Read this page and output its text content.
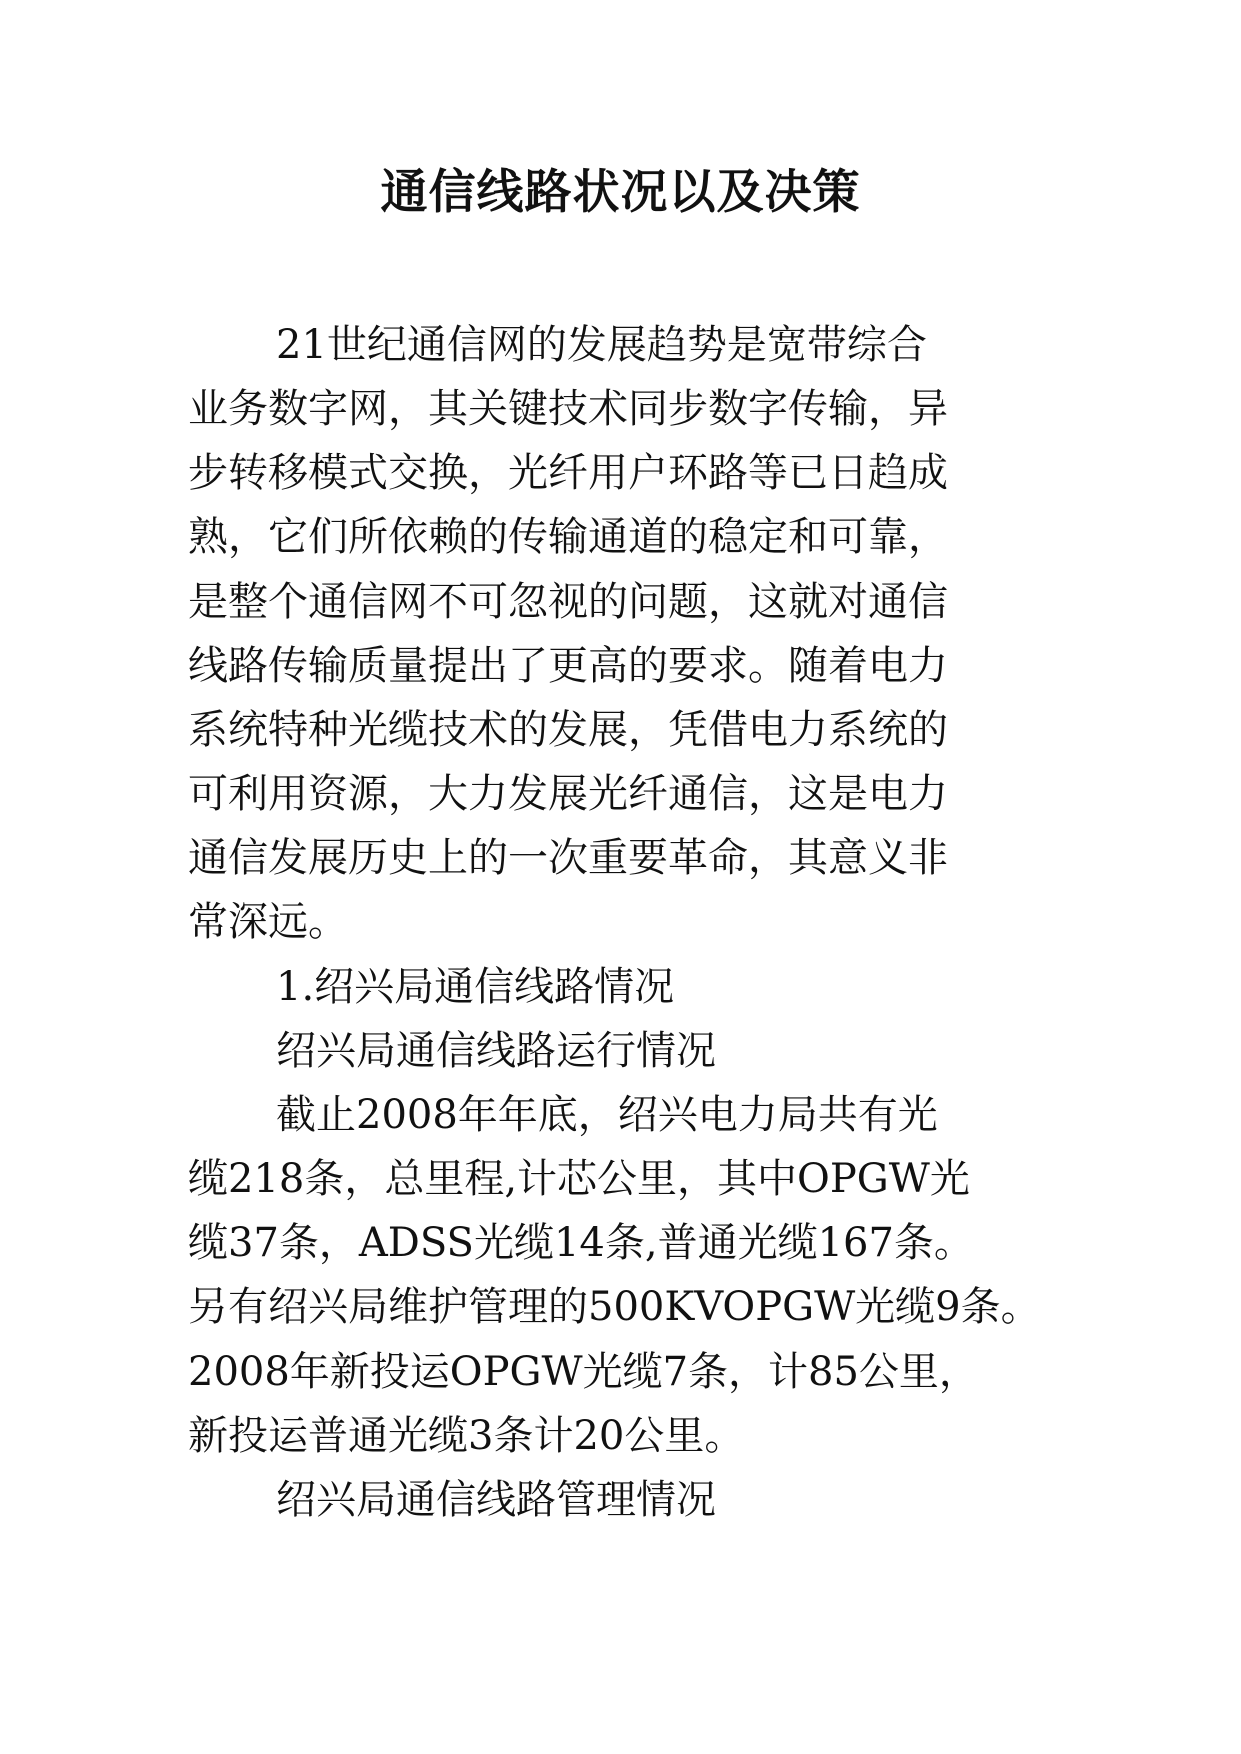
通信线路状况以及决策

21世纪通信网的发展趋势是宽带综合

业务数字网，其关键技术同步数字传输，异

步转移模式交换，光纤用户环路等已日趋成

熟，它们所依赖的传输通道的稳定和可靠，

是整个通信网不可忽视的问题，这就对通信

线路传输质量提出了更高的要求。随着电力

系统特种光缆技术的发展，凭借电力系统的

可利用资源，大力发展光纤通信，这是电力

通信发展历史上的一次重要革命，其意义非

常深远。

1.绍兴局通信线路情况

绍兴局通信线路运行情况

截止2008年年底，绍兴电力局共有光

缆218条，总里程,计芯公里，其中OPGW光

缆37条，ADSS光缆14条,普通光缆167条。

另有绍兴局维护管理的500KVOPGW光缆9条。

2008年新投运OPGW光缆7条，计85公里，

新投运普通光缆3条计20公里。

绍兴局通信线路管理情况
